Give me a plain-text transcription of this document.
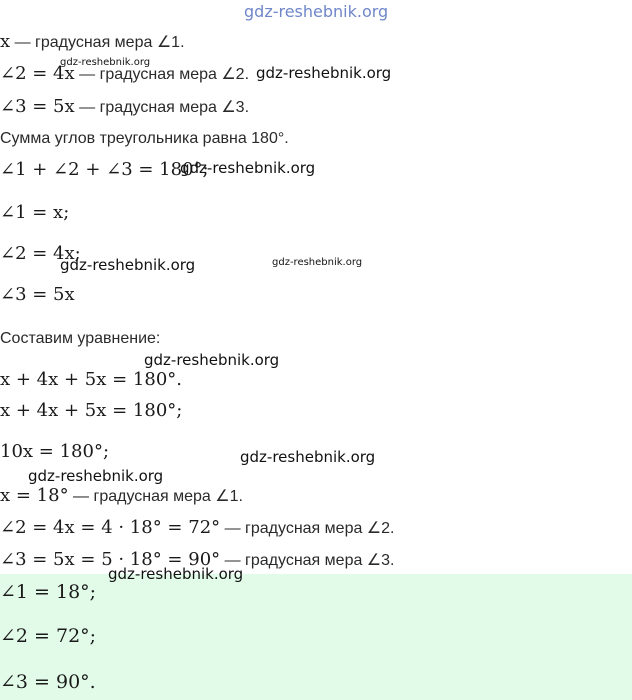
gdz-reshebnik.org
x — градусная мера ∠1.
∠2 = 4x — градусная мера ∠2.
∠3 = 5x — градусная мера ∠3.
Сумма углов треугольника равна 180°.
∠1 + ∠2 + ∠3 = 180°;
∠1 = x;
∠2 = 4x;
∠3 = 5x
Составим уравнение:
x + 4x + 5x = 180°.
x + 4x + 5x = 180°;
10x = 180°;
x = 18° — градусная мера ∠1.
∠2 = 4x = 4 · 18° = 72° — градусная мера ∠2.
∠3 = 5x = 5 · 18° = 90° — градусная мера ∠3.
∠1 = 18°;
∠2 = 72°;
∠3 = 90°.
gdz-reshebnik.org
gdz-reshebnik.org
gdz-reshebnik.org
gdz-reshebnik.org	gdz-reshebnik.org
gdz-reshebnik.org
gdz-reshebnik.org
gdz-reshebnik.org
gdz-reshebnik.org
